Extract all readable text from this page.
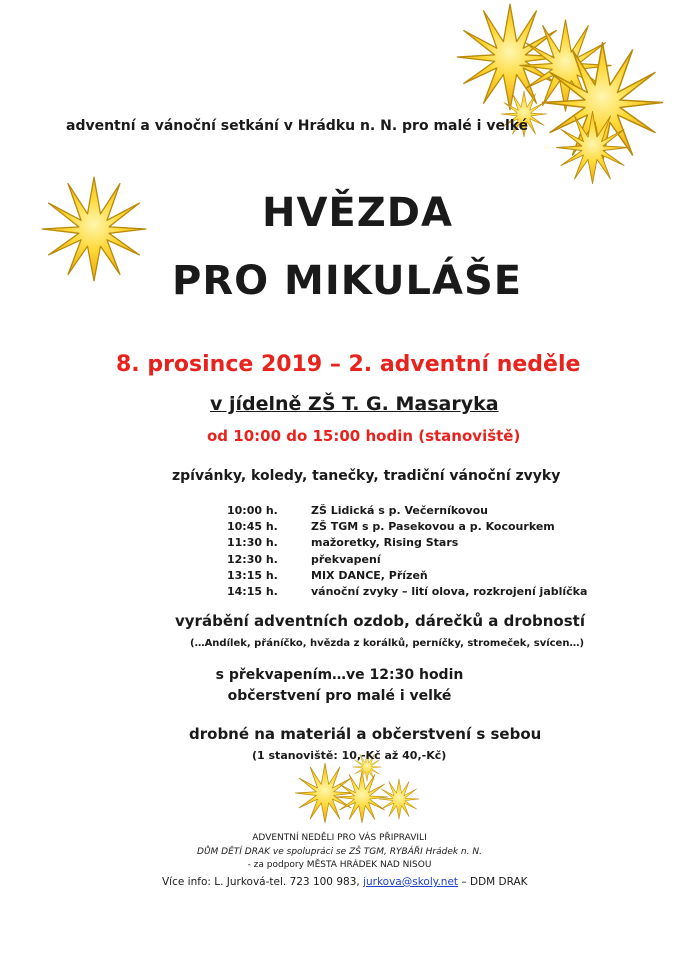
adventní a vánoční setkání v Hrádku n. N. pro malé i velké
HVĚZDA
PRO MIKULÁŠE
8. prosince 2019 – 2. adventní neděle
v jídelně ZŠ T. G. Masaryka
od 10:00 do 15:00 hodin (stanoviště)
zpívánky, koledy, tanečky, tradiční vánoční zvyky
10:00 h.	ZŠ Lidická s p. Večerníkovou
10:45 h.	ZŠ TGM s p. Pasekovou a p. Kocourkem
11:30 h.	mažoretky, Rising Stars
12:30 h.	překvapení
13:15 h.	MIX DANCE, Přízeň
14:15 h.	vánoční zvyky – lití olova, rozkrojení jablíčka
vyrábění adventních ozdob, dárečků a drobností
(…Andílek, přáníčko, hvězda z korálků, perníčky, stromeček, svícen…)
s překvapením…ve 12:30 hodin
občerstvení pro malé i velké
drobné na materiál a občerstvení s sebou
(1 stanoviště: 10,-Kč až 40,-Kč)
ADVENTNÍ NEDĚLI PRO VÁS PŘIPRAVILI
DŮM DĚTÍ DRAK ve spolupráci se ZŠ TGM, RYBÁŘI Hrádek n. N.
- za podpory MĚSTA HRÁDEK NAD NISOU
Více info: L. Jurková-tel. 723 100 983, jurkova@skoly.net – DDM DRAK
